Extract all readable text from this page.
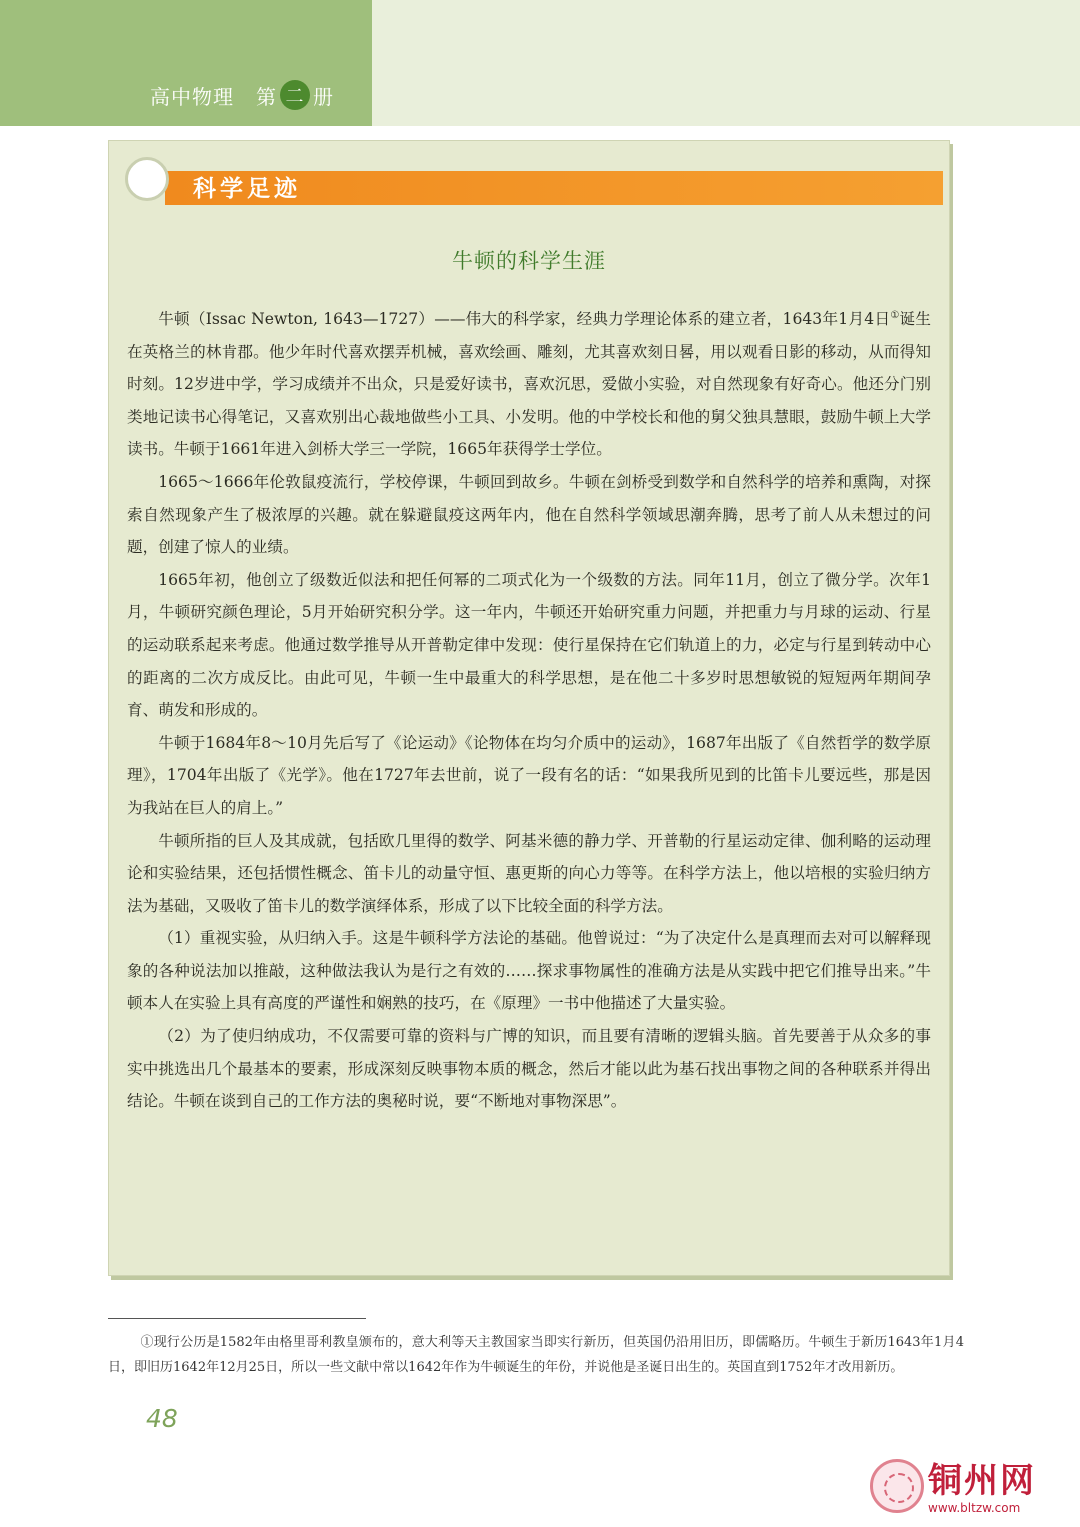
高中物理 第 二 册
科学足迹
牛顿的科学生涯

牛顿（Issac Newton, 1643—1727）——伟大的科学家，经典力学理论体系的建立者，1643年1月4日①诞生在英格兰的林肯郡。他少年时代喜欢摆弄机械，喜欢绘画、雕刻，尤其喜欢刻日晷，用以观看日影的移动，从而得知时刻。12岁进中学，学习成绩并不出众，只是爱好读书，喜欢沉思，爱做小实验，对自然现象有好奇心。他还分门别类地记读书心得笔记，又喜欢别出心裁地做些小工具、小发明。他的中学校长和他的舅父独具慧眼，鼓励牛顿上大学读书。牛顿于1661年进入剑桥大学三一学院，1665年获得学士学位。

1665～1666年伦敦鼠疫流行，学校停课，牛顿回到故乡。牛顿在剑桥受到数学和自然科学的培养和熏陶，对探索自然现象产生了极浓厚的兴趣。就在躲避鼠疫这两年内，他在自然科学领域思潮奔腾，思考了前人从未想过的问题，创建了惊人的业绩。

1665年初，他创立了级数近似法和把任何幂的二项式化为一个级数的方法。同年11月，创立了微分学。次年1月，牛顿研究颜色理论，5月开始研究积分学。这一年内，牛顿还开始研究重力问题，并把重力与月球的运动、行星的运动联系起来考虑。他通过数学推导从开普勒定律中发现：使行星保持在它们轨道上的力，必定与行星到转动中心的距离的二次方成反比。由此可见，牛顿一生中最重大的科学思想，是在他二十多岁时思想敏锐的短短两年期间孕育、萌发和形成的。

牛顿于1684年8～10月先后写了《论运动》《论物体在均匀介质中的运动》，1687年出版了《自然哲学的数学原理》，1704年出版了《光学》。他在1727年去世前，说了一段有名的话：“如果我所见到的比笛卡儿要远些，那是因为我站在巨人的肩上。”

牛顿所指的巨人及其成就，包括欧几里得的数学、阿基米德的静力学、开普勒的行星运动定律、伽利略的运动理论和实验结果，还包括惯性概念、笛卡儿的动量守恒、惠更斯的向心力等等。在科学方法上，他以培根的实验归纳方法为基础，又吸收了笛卡儿的数学演绎体系，形成了以下比较全面的科学方法。

（1）重视实验，从归纳入手。这是牛顿科学方法论的基础。他曾说过：“为了决定什么是真理而去对可以解释现象的各种说法加以推敲，这种做法我认为是行之有效的……探求事物属性的准确方法是从实践中把它们推导出来。”牛顿本人在实验上具有高度的严谨性和娴熟的技巧，在《原理》一书中他描述了大量实验。

（2）为了使归纳成功，不仅需要可靠的资料与广博的知识，而且要有清晰的逻辑头脑。首先要善于从众多的事实中挑选出几个最基本的要素，形成深刻反映事物本质的概念，然后才能以此为基石找出事物之间的各种联系并得出结论。牛顿在谈到自己的工作方法的奥秘时说，要“不断地对事物深思”。

①现行公历是1582年由格里哥利教皇颁布的，意大利等天主教国家当即实行新历，但英国仍沿用旧历，即儒略历。牛顿生于新历1643年1月4日，即旧历1642年12月25日，所以一些文献中常以1642年作为牛顿诞生的年份，并说他是圣诞日出生的。英国直到1752年才改用新历。

48
铜州网
www.bltzw.com
